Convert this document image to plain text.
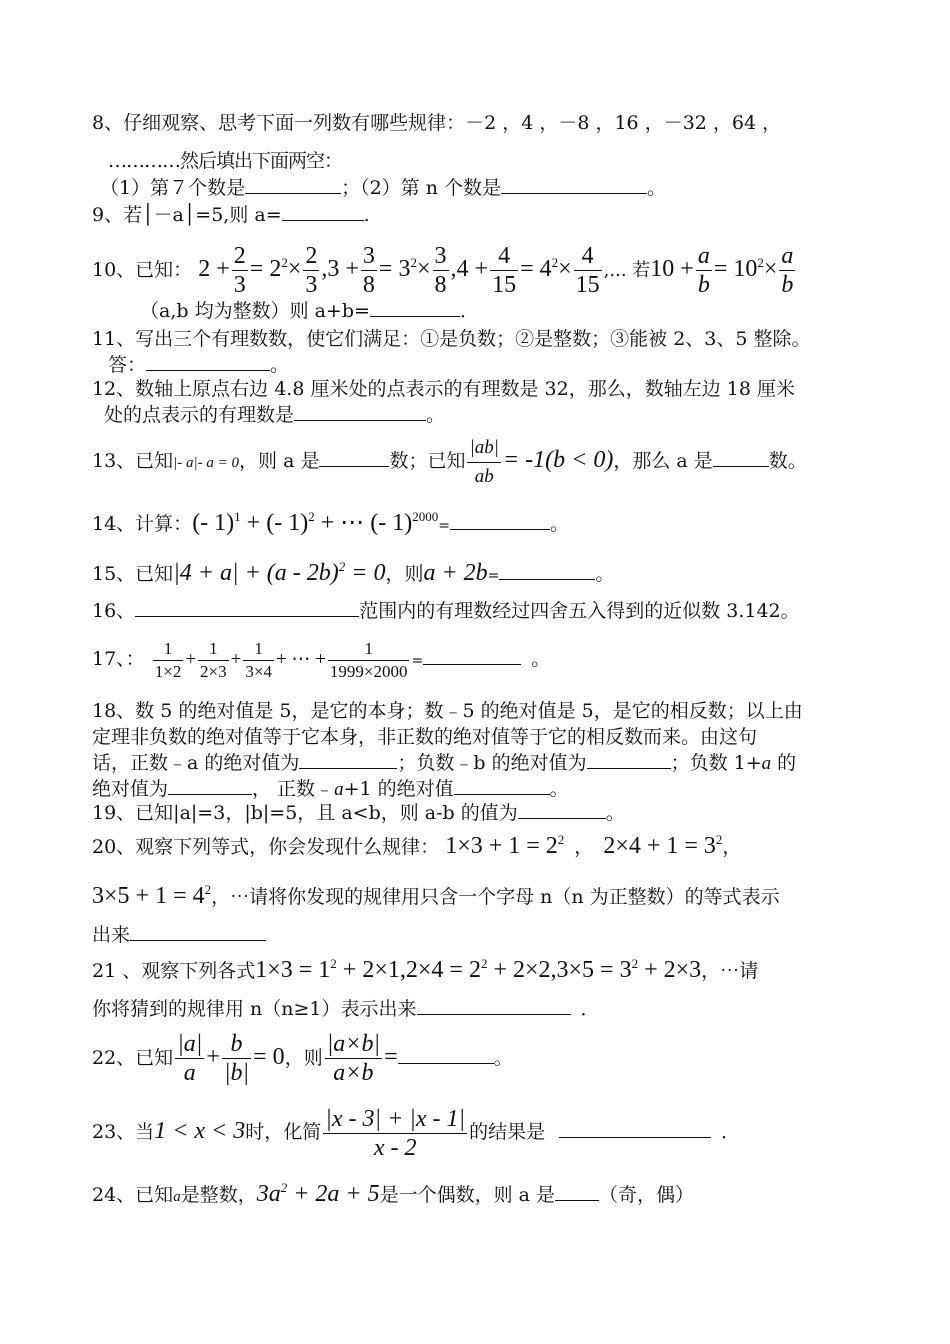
8、仔细观察、思考下面一列数有哪些规律：－2 ，4 ，－8 ，16 ，－32 ，64 ，
…………然后填出下面两空：
（1）第７个数是	；（2）第 n 个数是	。
9、若│－a│=5,则 a=	.
10、已知： $2 + \frac{2}{3} = 2^2\times \frac{2}{3} ,3 + \frac{3}{8} = 3^2\times \frac{3}{8} ,4 + \frac{4}{15} = 4^2\times \frac{4}{15}$ ,... 若$10 + \frac{a}{b} = 10^2\times \frac{a}{b}$
（a,b 均为整数）则 a+b=	．
11、写出三个有理数数，使它们满足：①是负数；②是整数；③能被 2、3、5 整除。
答：	。
12、数轴上原点右边 4.8 厘米处的点表示的有理数是 32，那么，数轴左边 18 厘米
处的点表示的有理数是	。
13、已知|- a|- a = 0，则 a 是	数；已知 $\frac{|ab|}{ab} = -1(b < 0)$，那么 a 是	数。
14、计算：(- 1)$^1$ + (- 1)$^2$ + ⋯ (- 1)$^{2000}$=	。
15、已知|4 + a| + (a - 2b)$^2$ = 0，则a + 2b=	。
16、	范围内的有理数经过四舍五入得到的近似数 3.142。
17、： $\frac{1}{1\times 2} + \frac{1}{2\times 3} + \frac{1}{3\times 4}$ + ⋯ + $\frac{1}{1999\times 2000}$ =	。
18、数 5 的绝对值是 5，是它的本身；数﹣5 的绝对值是 5，是它的相反数；以上由
定理非负数的绝对值等于它本身，非正数的绝对值等于它的相反数而来。由这句
话，正数﹣a 的绝对值为	；负数﹣b 的绝对值为	；负数 1+a 的
绝对值为	， 正数﹣a+1 的绝对值	。
19、已知|a|=3，|b|=5，且 a<b，则 a-b 的值为	。
20、观察下列等式，你会发现什么规律： $1\times 3 + 1 = 2^2$ ， $2\times 4 + 1 = 3^2$，
$3\times 5 + 1 = 4^2$，⋯请将你发现的规律用只含一个字母 n（n 为正整数）的等式表示
出来
21 、观察下列各式$1\times 3 = 1^2 + 2\times 1,2\times 4 = 2^2 + 2\times 2,3\times 5 = 3^2 + 2\times 3$，⋯请
你将猜到的规律用 n（n≥1）表示出来	．
22、已知 $\frac{|a|}{a} + \frac{b}{|b|} = 0$，则 $\frac{|a\times b|}{a\times b}$ =	。
23、当1 < x < 3时，化简 $\frac{|x - 3| + |x - 1|}{x - 2}$ 的结果是	．
24、已知a是整数，$3a^2 + 2a + 5$是一个偶数，则 a 是 （奇，偶）
